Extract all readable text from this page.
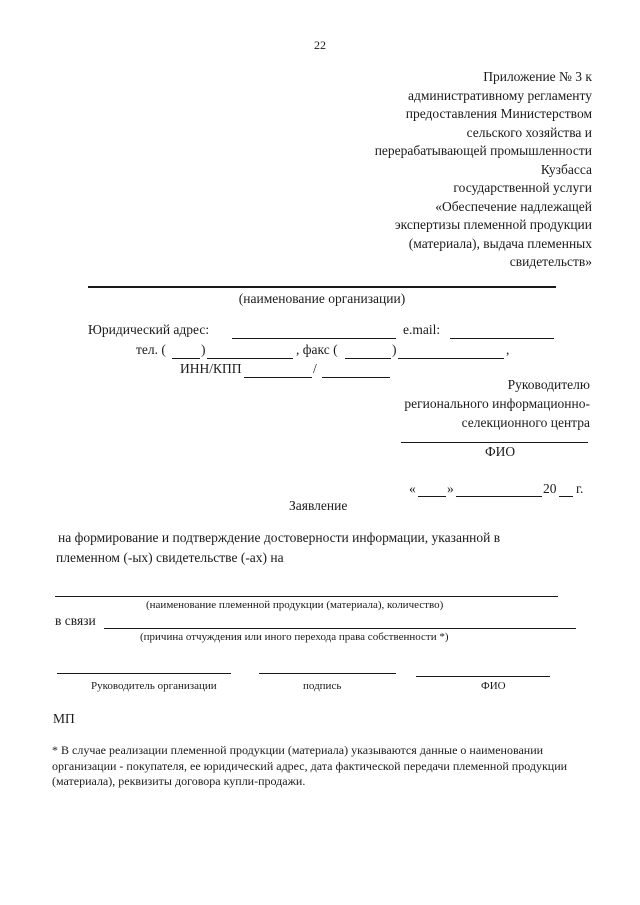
22
Приложение № 3 к
административному регламенту
предоставления Министерством
сельского хозяйства и
перерабатывающей промышленности
Кузбасса
государственной услуги
«Обеспечение надлежащей
экспертизы племенной продукции
(материала), выдача племенных
свидетельств»
(наименование организации)
Юридический адрес:	e.mail:
тел. (	)	, факс (	)	,
ИНН/КПП	/
Руководителю
регионального информационно-
селекционного центра
ФИО
« »	20 г.
Заявление
на формирование и подтверждение достоверности информации, указанной в
племенном (-ых) свидетельстве (-ах) на
(наименование племенной продукции (материала), количество)
в связи
(причина отчуждения или иного перехода права собственности *)
Руководитель организации	подпись	ФИО
МП
* В случае реализации племенной продукции (материала) указываются данные о наименовании организации - покупателя, ее юридический адрес, дата фактической передачи племенной продукции (материала), реквизиты договора купли-продажи.
